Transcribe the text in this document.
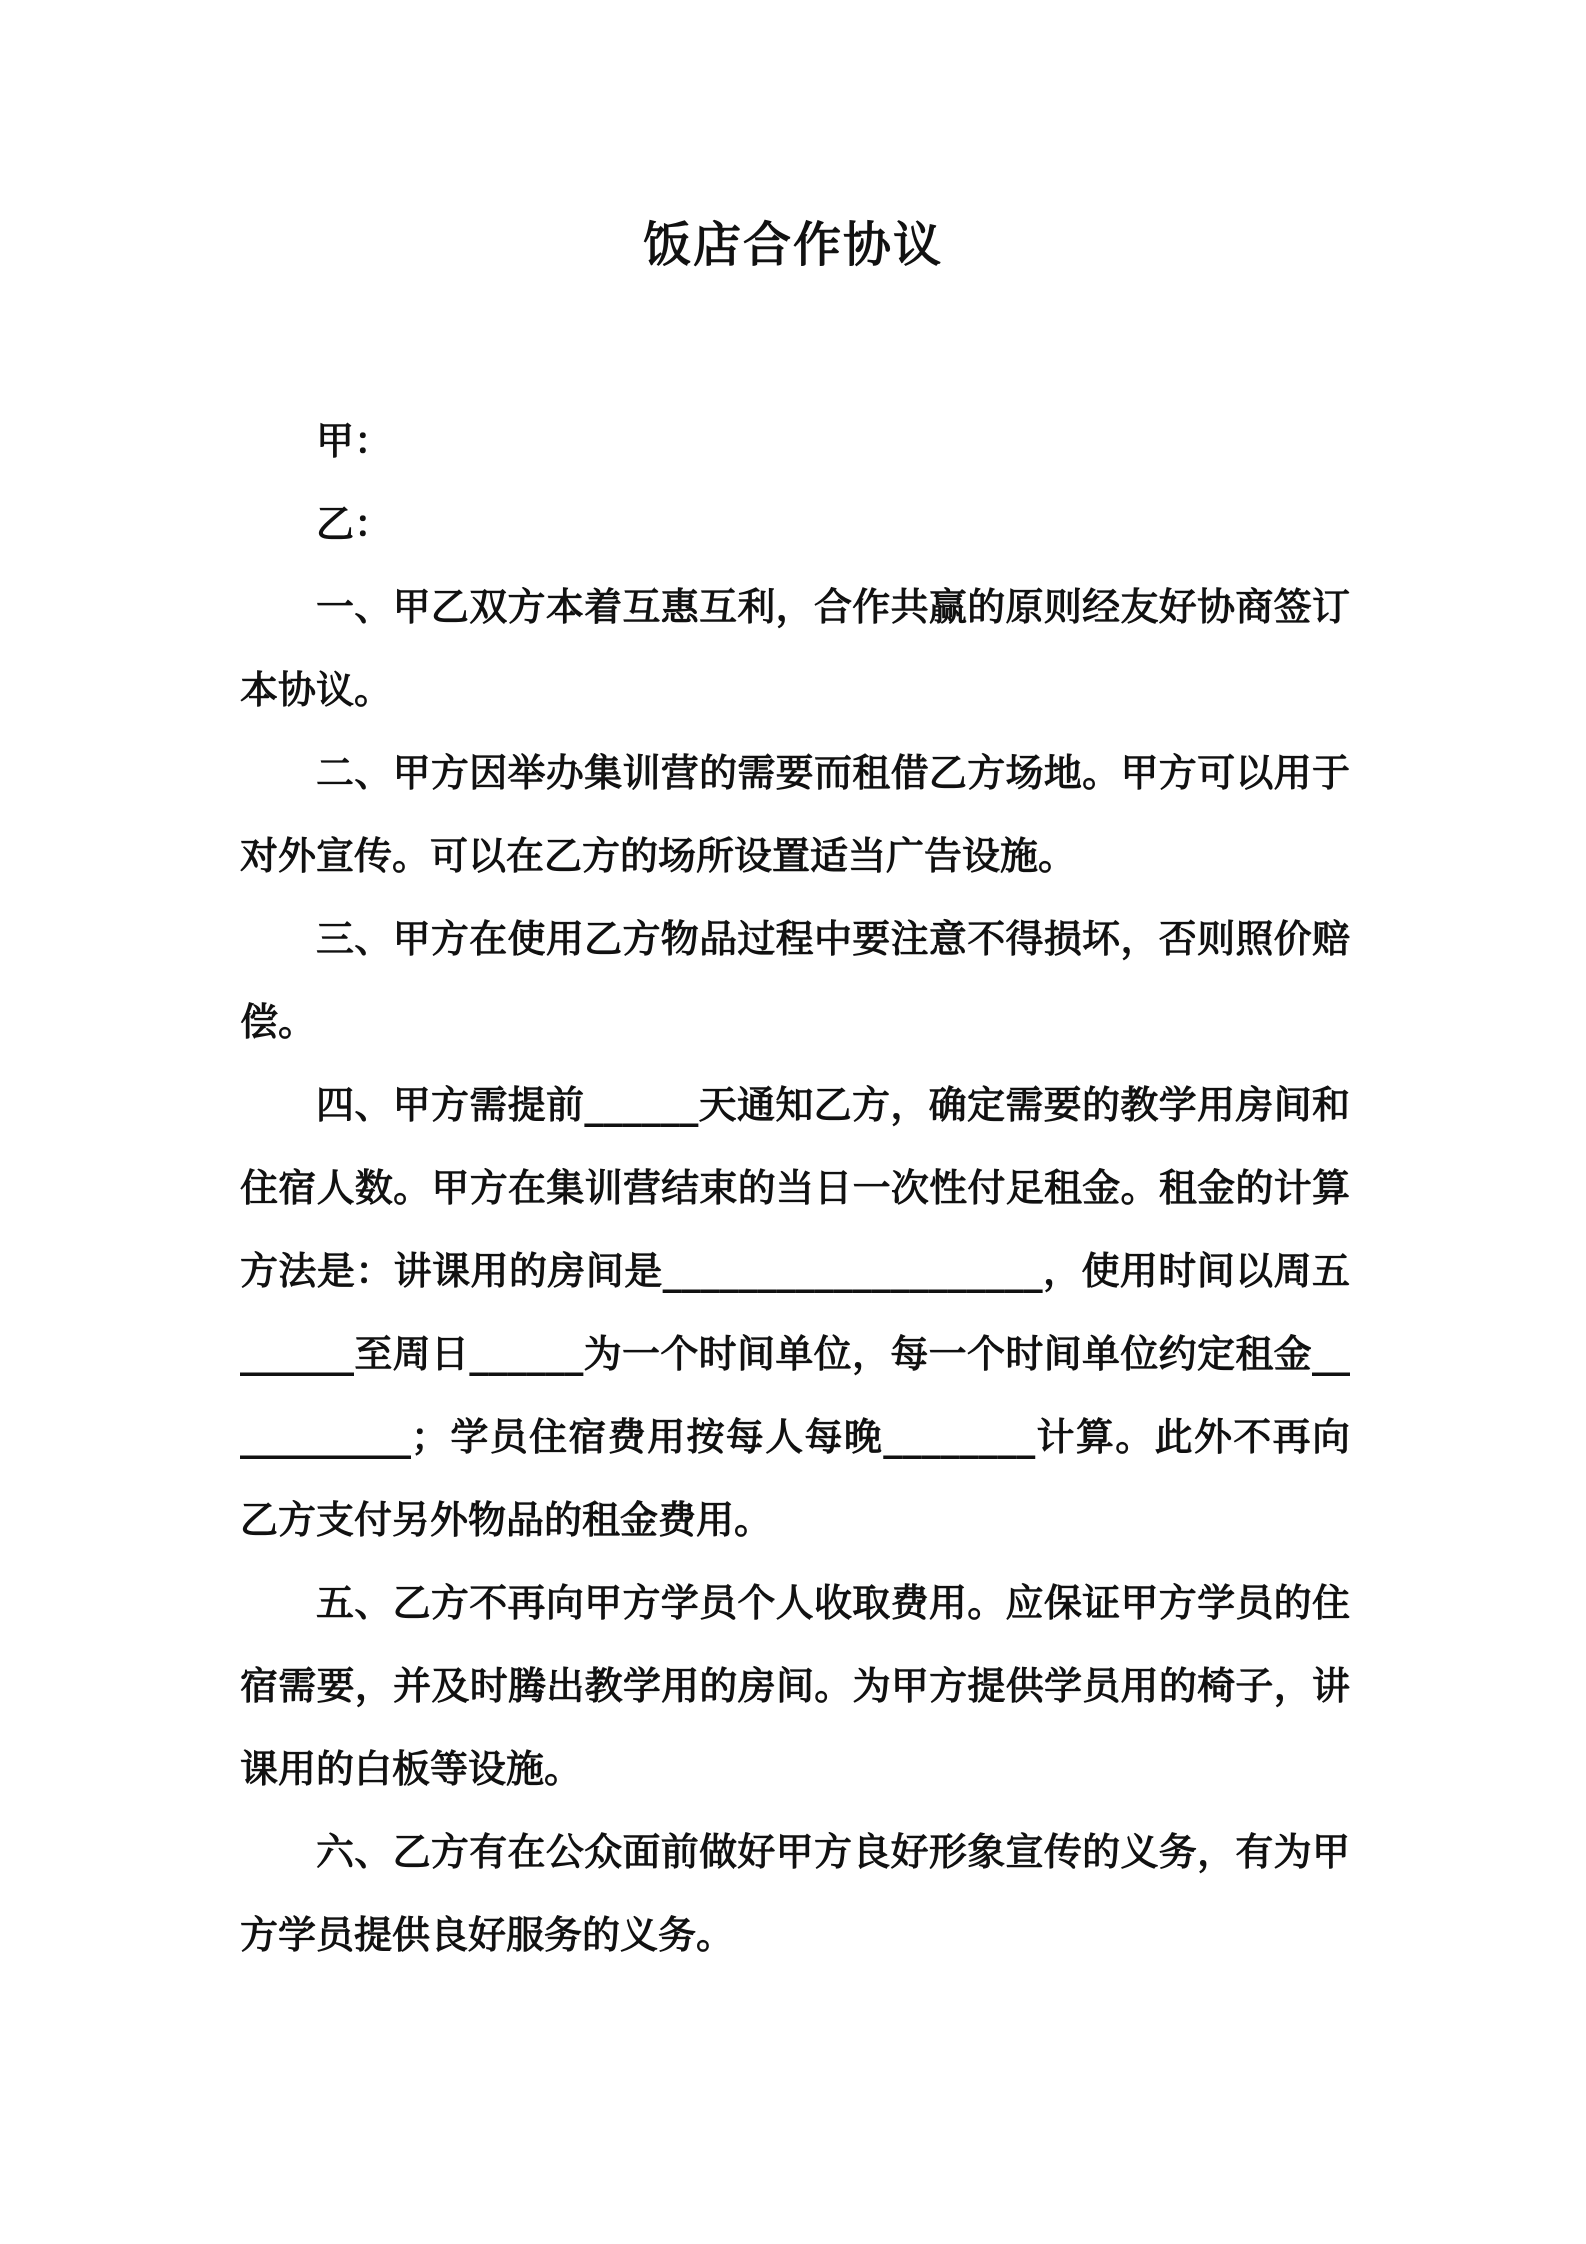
饭店合作协议

甲：

乙：

一、甲乙双方本着互惠互利，合作共赢的原则经友好协商签订本协议。

二、甲方因举办集训营的需要而租借乙方场地。甲方可以用于对外宣传。可以在乙方的场所设置适当广告设施。

三、甲方在使用乙方物品过程中要注意不得损坏，否则照价赔偿。

四、甲方需提前______天通知乙方，确定需要的教学用房间和住宿人数。甲方在集训营结束的当日一次性付足租金。租金的计算方法是：讲课用的房间是____________________，使用时间以周五______至周日______为一个时间单位，每一个时间单位约定租金___________；学员住宿费用按每人每晚________计算。此外不再向乙方支付另外物品的租金费用。

五、乙方不再向甲方学员个人收取费用。应保证甲方学员的住宿需要，并及时腾出教学用的房间。为甲方提供学员用的椅子，讲课用的白板等设施。

六、乙方有在公众面前做好甲方良好形象宣传的义务，有为甲方学员提供良好服务的义务。
